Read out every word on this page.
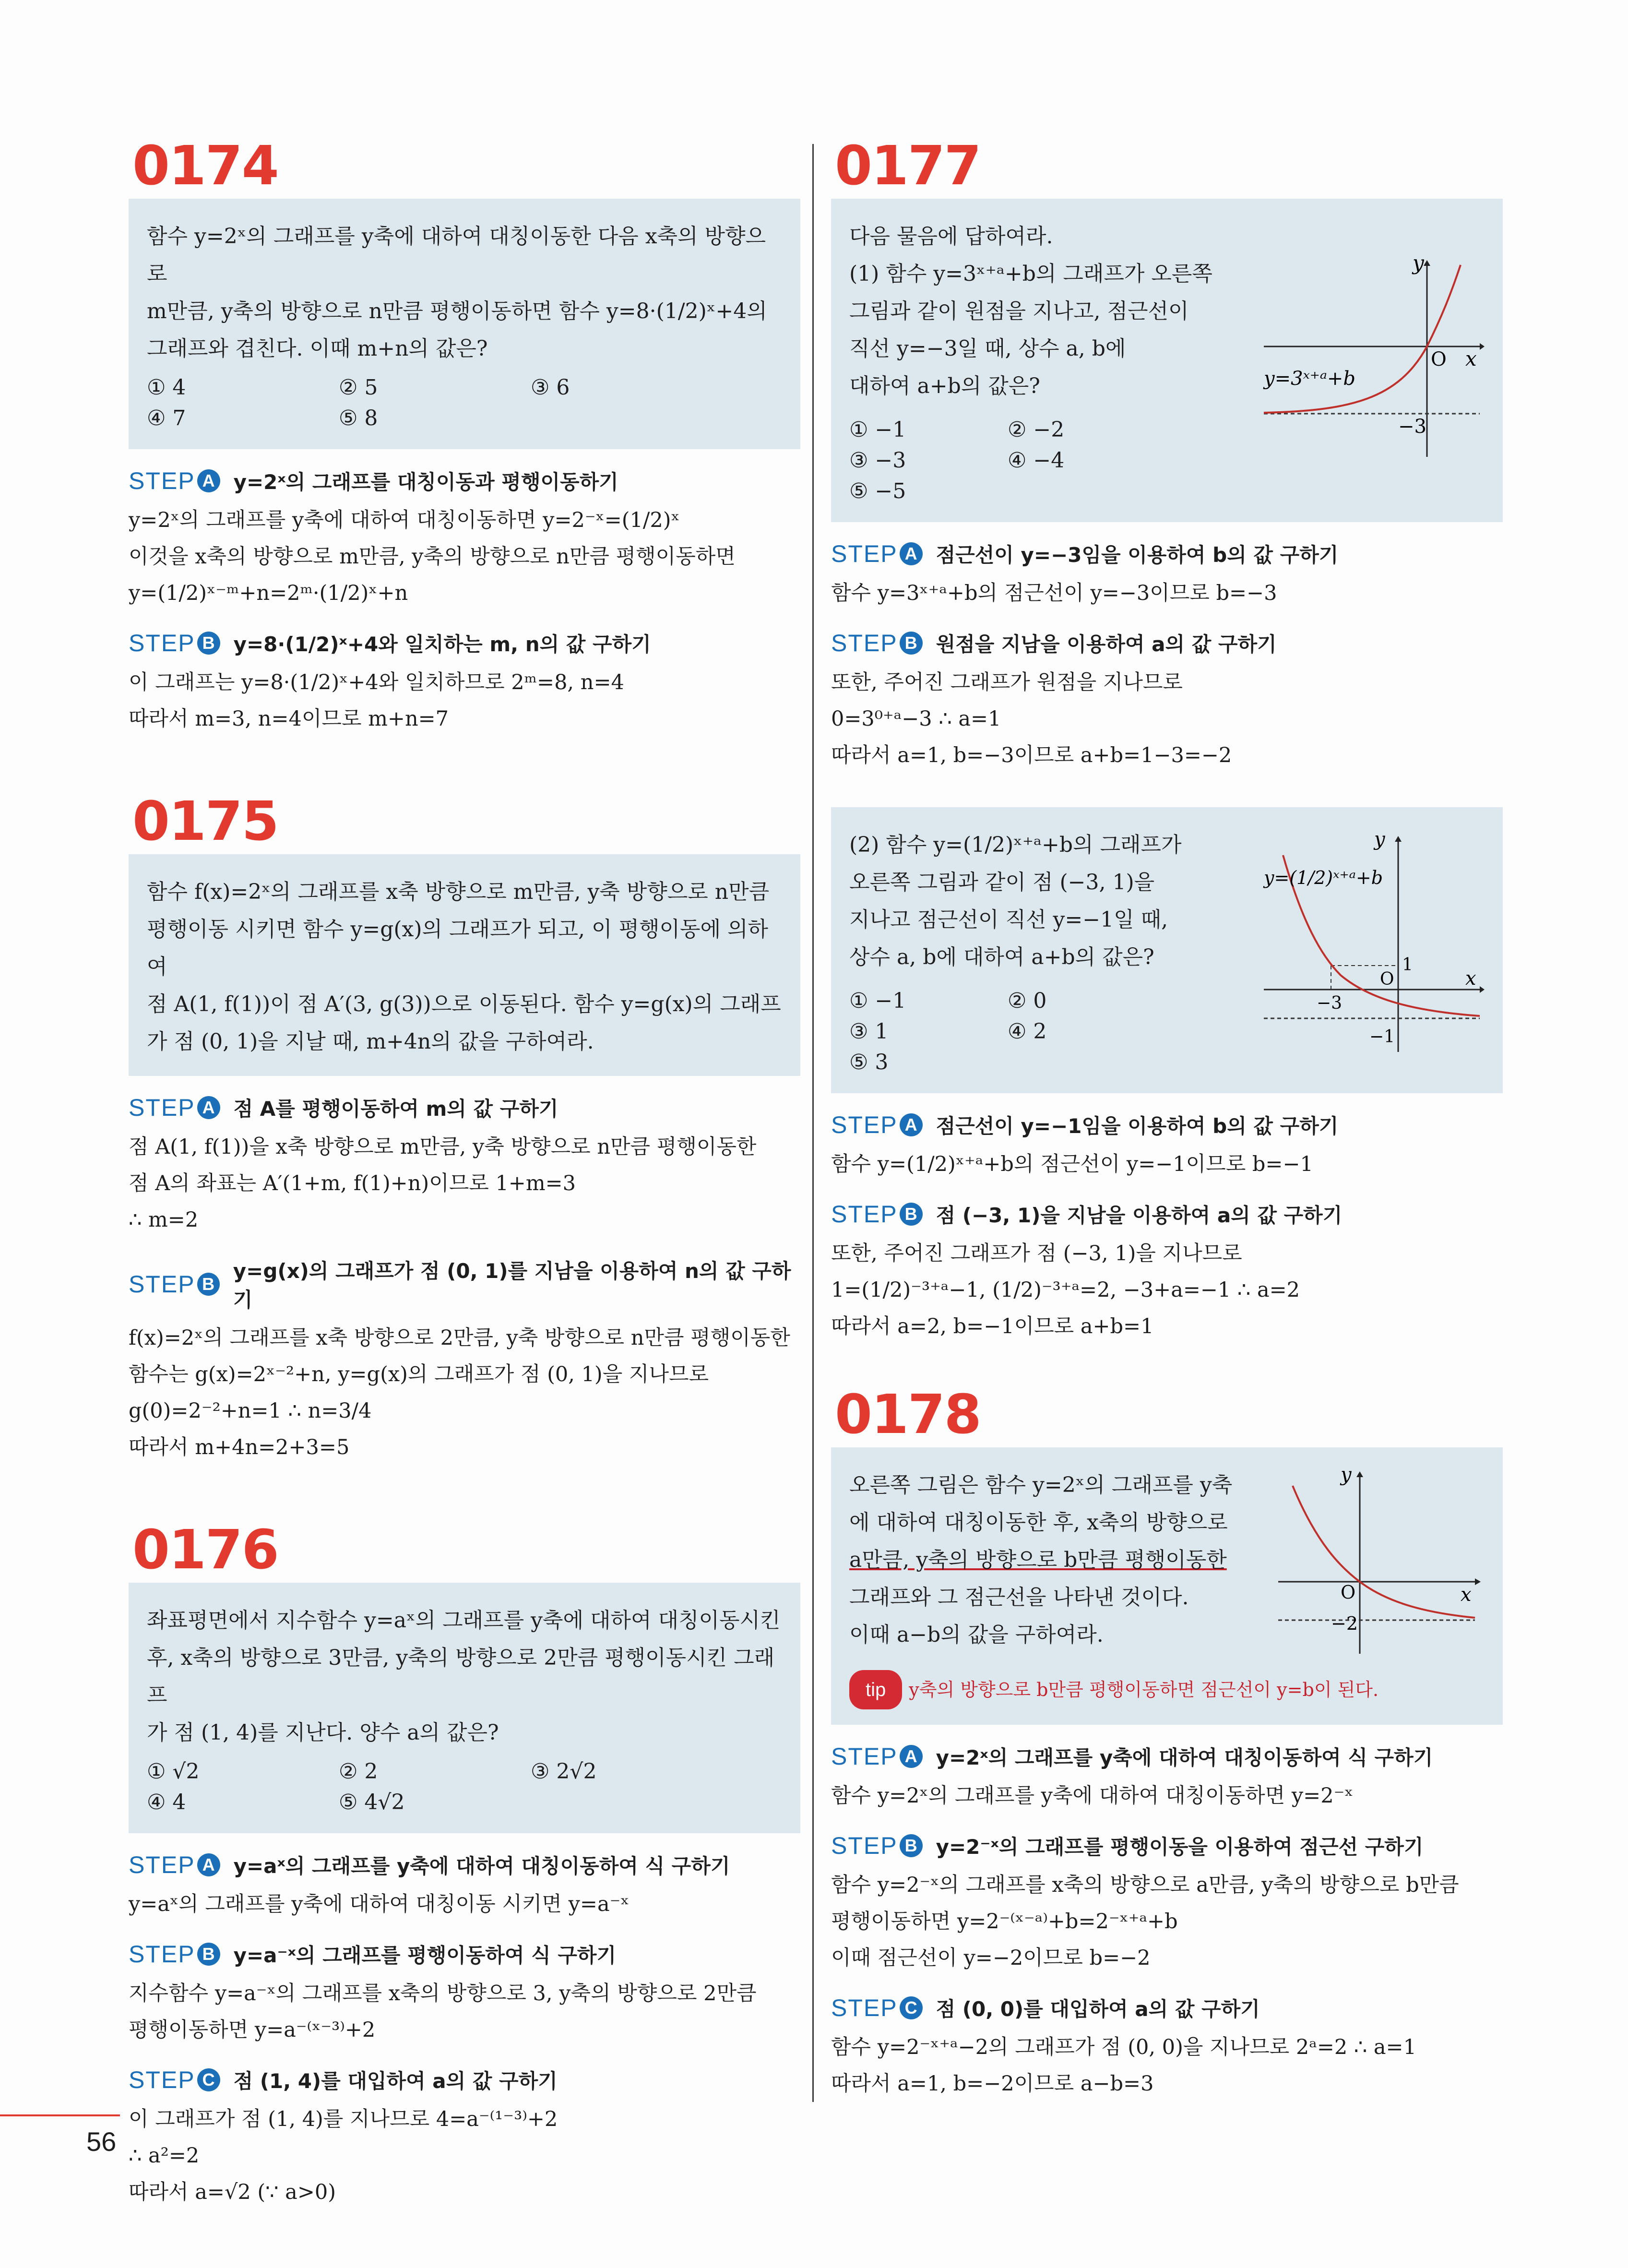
0174

함수 y=2ˣ의 그래프를 y축에 대하여 대칭이동한 다음 x축의 방향으로

m만큼, y축의 방향으로 n만큼 평행이동하면 함수 y=8·(1/2)ˣ+4의

그래프와 겹친다. 이때 m+n의 값은?

① 4	② 5	③ 6
④ 7	⑤ 8
STEP A y=2ˣ의 그래프를 대칭이동과 평행이동하기

y=2ˣ의 그래프를 y축에 대하여 대칭이동하면 y=2⁻ˣ=(1/2)ˣ

이것을 x축의 방향으로 m만큼, y축의 방향으로 n만큼 평행이동하면

y=(1/2)ˣ⁻ᵐ+n=2ᵐ·(1/2)ˣ+n

STEP B y=8·(1/2)ˣ+4와 일치하는 m, n의 값 구하기

이 그래프는 y=8·(1/2)ˣ+4와 일치하므로 2ᵐ=8, n=4

따라서 m=3, n=4이므로 m+n=7

0175

함수 f(x)=2ˣ의 그래프를 x축 방향으로 m만큼, y축 방향으로 n만큼

평행이동 시키면 함수 y=g(x)의 그래프가 되고, 이 평행이동에 의하여

점 A(1, f(1))이 점 A′(3, g(3))으로 이동된다. 함수 y=g(x)의 그래프

가 점 (0, 1)을 지날 때, m+4n의 값을 구하여라.

STEP A 점 A를 평행이동하여 m의 값 구하기

점 A(1, f(1))을 x축 방향으로 m만큼, y축 방향으로 n만큼 평행이동한

점 A의 좌표는 A′(1+m, f(1)+n)이므로 1+m=3

∴ m=2

STEP B
y=g(x)의 그래프가 점 (0, 1)를 지남을 이용하여 n의 값 구하기

f(x)=2ˣ의 그래프를 x축 방향으로 2만큼, y축 방향으로 n만큼 평행이동한

함수는 g(x)=2ˣ⁻²+n, y=g(x)의 그래프가 점 (0, 1)을 지나므로

g(0)=2⁻²+n=1 ∴ n=3/4

따라서 m+4n=2+3=5

0176

좌표평면에서 지수함수 y=aˣ의 그래프를 y축에 대하여 대칭이동시킨

후, x축의 방향으로 3만큼, y축의 방향으로 2만큼 평행이동시킨 그래프

가 점 (1, 4)를 지난다. 양수 a의 값은?

① √2	② 2	③ 2√2
④ 4	⑤ 4√2
STEP A y=aˣ의 그래프를 y축에 대하여 대칭이동하여 식 구하기

y=aˣ의 그래프를 y축에 대하여 대칭이동 시키면 y=a⁻ˣ

STEP B y=a⁻ˣ의 그래프를 평행이동하여 식 구하기

지수함수 y=a⁻ˣ의 그래프를 x축의 방향으로 3, y축의 방향으로 2만큼

평행이동하면 y=a⁻⁽ˣ⁻³⁾+2

STEP C 점 (1, 4)를 대입하여 a의 값 구하기

이 그래프가 점 (1, 4)를 지나므로 4=a⁻⁽¹⁻³⁾+2

∴ a²=2

따라서 a=√2 (∵ a>0)

0177

다음 물음에 답하여라.

(1) 함수 y=3ˣ⁺ᵃ+b의 그래프가 오른쪽

그림과 같이 원점을 지나고, 점근선이

직선 y=−3일 때, 상수 a, b에

대하여 a+b의 값은?

① −1	② −2
③ −3	④ −4
⑤ −5
y
x
O
−3
y=3ˣ⁺ᵃ+b
STEP A 점근선이 y=−3임을 이용하여 b의 값 구하기

함수 y=3ˣ⁺ᵃ+b의 점근선이 y=−3이므로 b=−3

STEP B 원점을 지남을 이용하여 a의 값 구하기

또한, 주어진 그래프가 원점을 지나므로

0=3⁰⁺ᵃ−3 ∴ a=1

따라서 a=1, b=−3이므로 a+b=1−3=−2

(2) 함수 y=(1/2)ˣ⁺ᵃ+b의 그래프가

오른쪽 그림과 같이 점 (−3, 1)을

지나고 점근선이 직선 y=−1일 때,

상수 a, b에 대하여 a+b의 값은?

① −1	② 0
③ 1	④ 2
⑤ 3
y
x
O
−3
1
−1
y=(1/2)ˣ⁺ᵃ+b
STEP A 점근선이 y=−1임을 이용하여 b의 값 구하기

함수 y=(1/2)ˣ⁺ᵃ+b의 점근선이 y=−1이므로 b=−1

STEP B 점 (−3, 1)을 지남을 이용하여 a의 값 구하기

또한, 주어진 그래프가 점 (−3, 1)을 지나므로

1=(1/2)⁻³⁺ᵃ−1, (1/2)⁻³⁺ᵃ=2, −3+a=−1 ∴ a=2

따라서 a=2, b=−1이므로 a+b=1

0178

오른쪽 그림은 함수 y=2ˣ의 그래프를 y축

에 대하여 대칭이동한 후, x축의 방향으로

a만큼, y축의 방향으로 b만큼 평행이동한

그래프와 그 점근선을 나타낸 것이다.

이때 a−b의 값을 구하여라.

y
x
O
−2
tip	y축의 방향으로 b만큼 평행이동하면 점근선이 y=b이 된다.
STEP A y=2ˣ의 그래프를 y축에 대하여 대칭이동하여 식 구하기

함수 y=2ˣ의 그래프를 y축에 대하여 대칭이동하면 y=2⁻ˣ

STEP B y=2⁻ˣ의 그래프를 평행이동을 이용하여 점근선 구하기

함수 y=2⁻ˣ의 그래프를 x축의 방향으로 a만큼, y축의 방향으로 b만큼

평행이동하면 y=2⁻⁽ˣ⁻ᵃ⁾+b=2⁻ˣ⁺ᵃ+b

이때 점근선이 y=−2이므로 b=−2

STEP C 점 (0, 0)를 대입하여 a의 값 구하기

함수 y=2⁻ˣ⁺ᵃ−2의 그래프가 점 (0, 0)을 지나므로 2ᵃ=2 ∴ a=1

따라서 a=1, b=−2이므로 a−b=3

56
